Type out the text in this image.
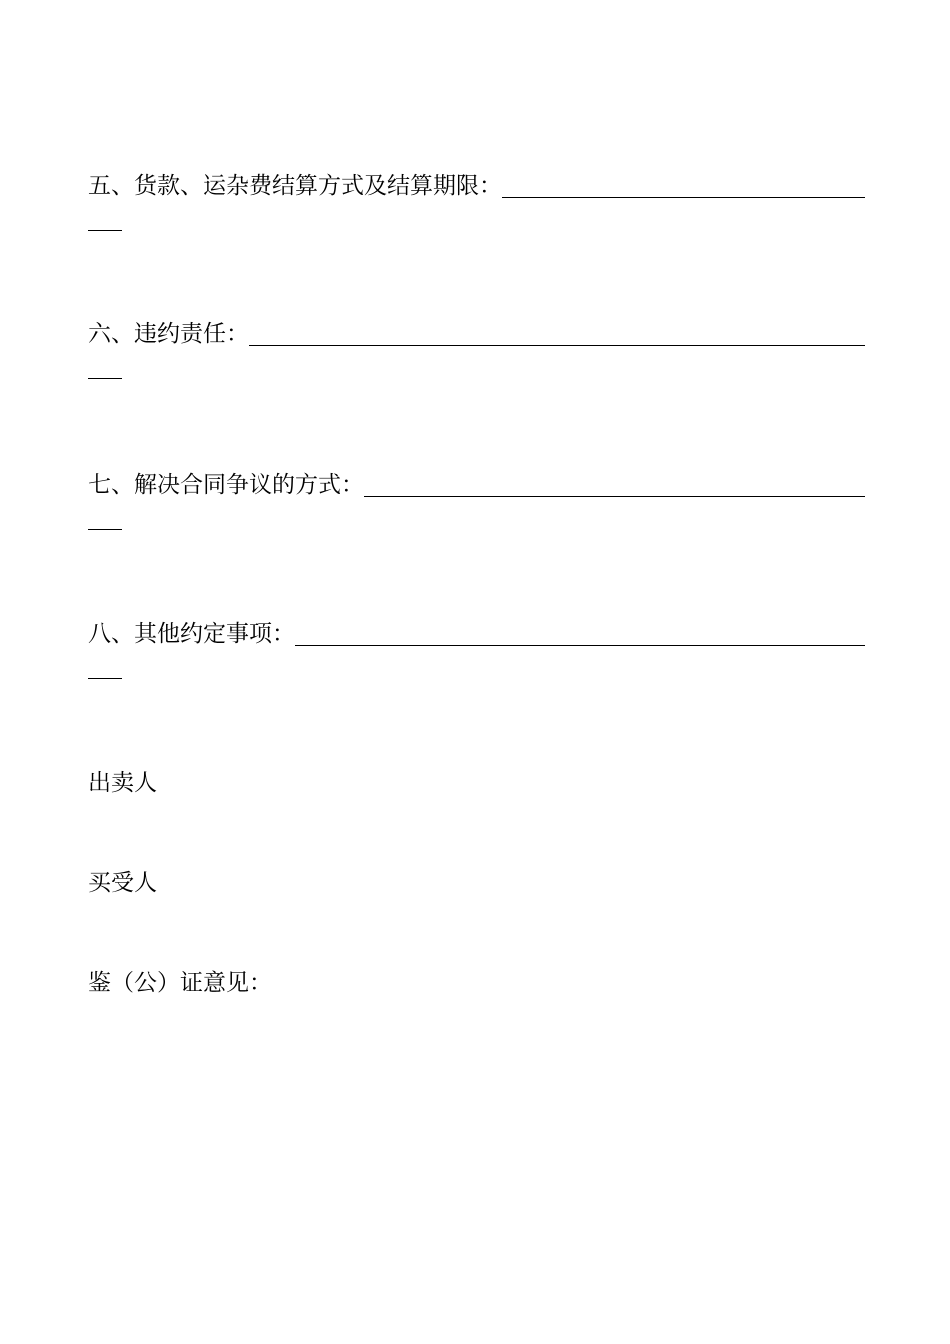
五、货款、运杂费结算方式及结算期限：
六、违约责任：
七、解决合同争议的方式：
八、其他约定事项：
出卖人
买受人
鉴（公）证意见：
